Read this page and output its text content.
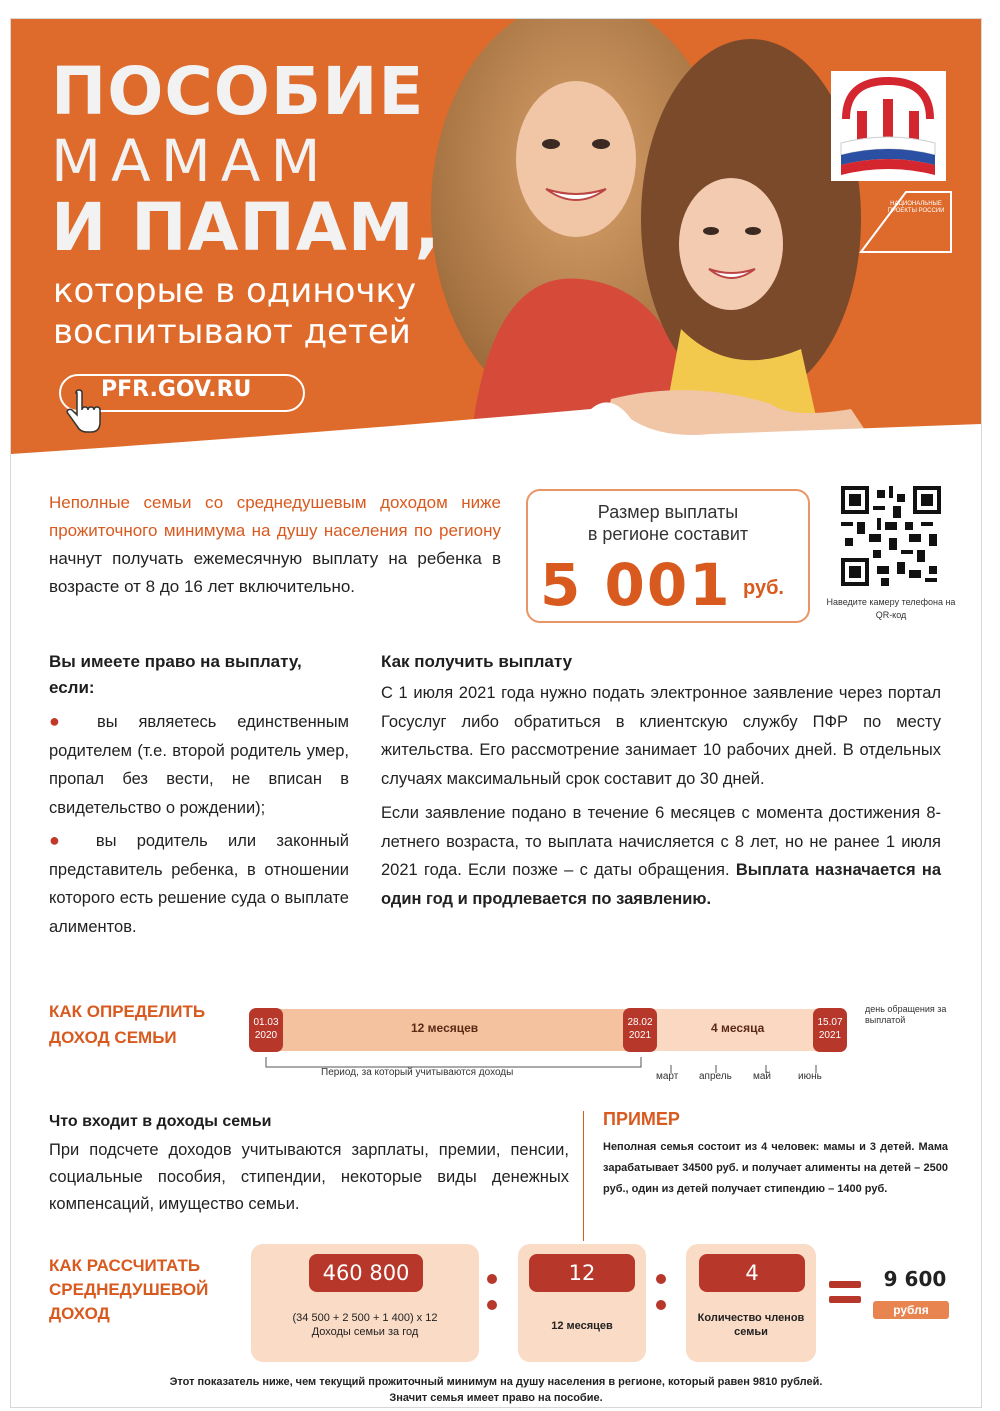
ПОСОБИЕ
МАМАМ
И ПАПАМ,
которые в одиночку
воспитывают детей
PFR.GOV.RU
НАЦИОНАЛЬНЫЕ ПРОЕКТЫ РОССИИ
Неполные семьи со среднедушевым доходом ниже прожиточного минимума на душу населения по региону начнут получать ежемесячную выплату на ребенка в возрасте от 8 до 16 лет включительно.
Размер выплаты
в регионе составит
5 001 руб.
Наведите камеру телефона на QR-код
Вы имеете право на выплату, если:

● вы являетесь единственным родителем (т.е. второй родитель умер, пропал без вести, не вписан в свидетельство о рождении);

● вы родитель или законный представитель ребенка, в отношении которого есть решение суда о выплате алиментов.

Как получить выплату

С 1 июля 2021 года нужно подать электронное заявление через портал Госуслуг либо обратиться в клиентскую службу ПФР по месту жительства. Его рассмотрение занимает 10 рабочих дней. В отдельных случаях максимальный срок составит до 30 дней.

Если заявление подано в течение 6 месяцев с момента достижения 8-летнего возраста, то выплата начисляется с 8 лет, но не ранее 1 июля 2021 года. Если позже – с даты обращения. Выплата назначается на один год и продлевается по заявлению.

КАК ОПРЕДЕЛИТЬ
ДОХОД СЕМЬИ	12 месяцев	4 месяца
01.03
2020
28.02
2021
15.07
2021
день обращения за выплатой
Период, за который учитываются доходы	март апрель май	июнь
Что входит в доходы семьи
При подсчете доходов учитываются зарплаты, премии, пенсии, социальные пособия, стипендии, некоторые виды денежных компенсаций, имущество семьи.
ПРИМЕР
Неполная семья состоит из 4 человек: мамы и 3 детей. Мама зарабатывает 34500 руб. и получает алименты на детей – 2500 руб., один из детей получает стипендию – 1400 руб.
КАК РАССЧИТАТЬ
СРЕДНЕДУШЕВОЙ
ДОХОД
460 800	12	4
(34 500 + 2 500 + 1 400) х 12
Доходы семьи за год	12 месяцев
Количество членов семьи
9 600
рубля
Этот показатель ниже, чем текущий прожиточный минимум на душу населения в регионе, который равен 9810 рублей.
Значит семья имеет право на пособие.
